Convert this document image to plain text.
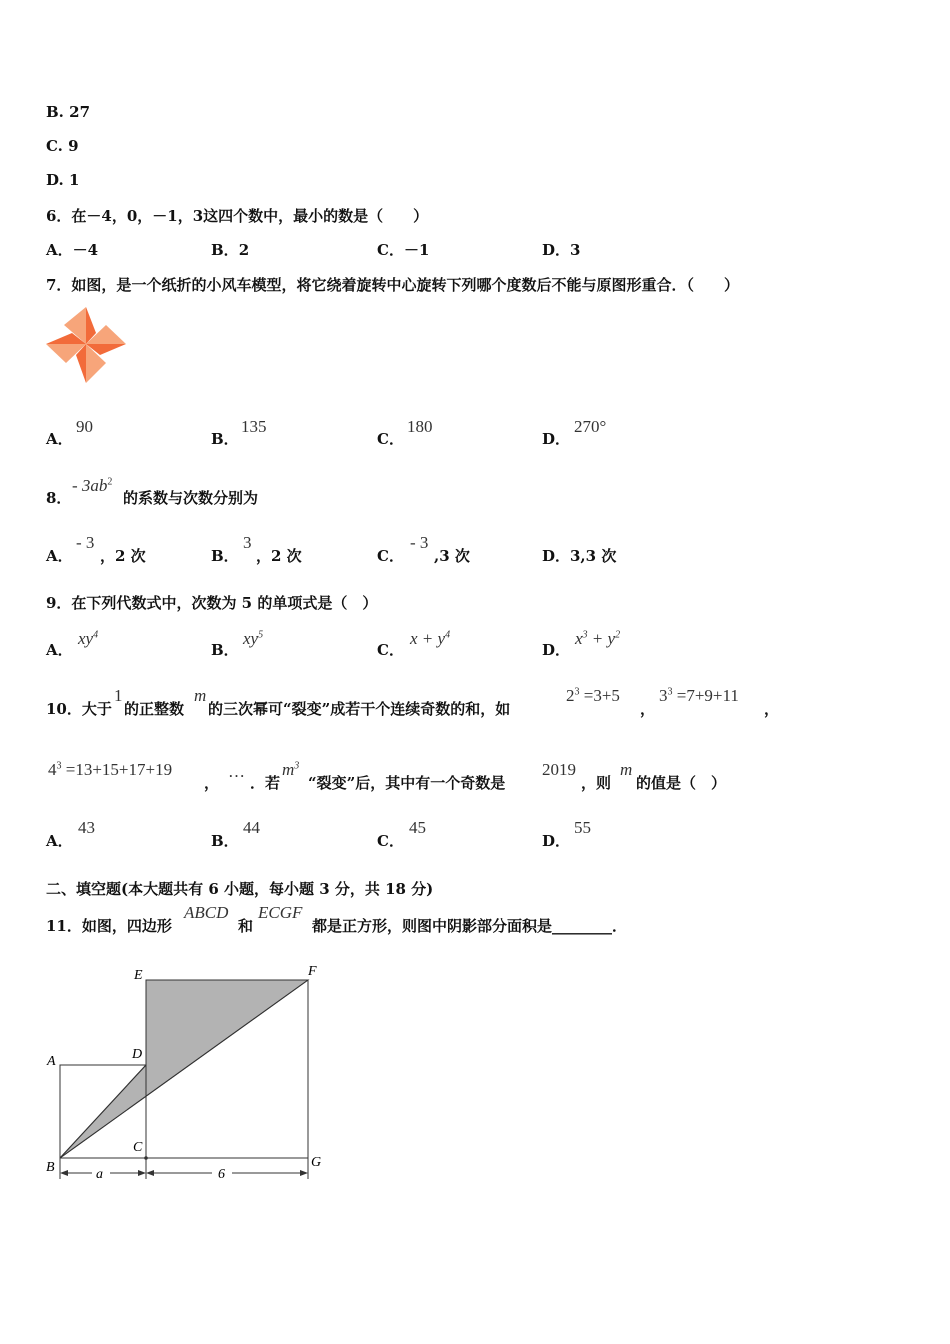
B. 27
C. 9
D. 1
6．在－4，0，－1，3这四个数中，最小的数是（　　）
A．－4	B．2	C．－1	D．3
7．如图，是一个纸折的小风车模型，将它绕着旋转中心旋转下列哪个度数后不能与原图形重合．（　　）
A．
90
B．
135
C．
180
D．
270°
8．
- $3ab^2$
的系数与次数分别为
A．
- 3
，2 次	B．
3
，2 次	C．
- 3
,3 次	D． 3,3 次
9．在下列代数式中，次数为 5 的单项式是（　）
A．
$xy^4$
B．
$xy^5$
C．
$x + y^4$
D．
$x^3 + y^2$
10．大于
1
的正整数
m
的三次幂可“裂变”成若干个连续奇数的和，如
$2^3 =3+5$
，
$3^3 =7+9+11$
，
$4^3 =13+15+17+19$
，
…
．若
$m^3$
“裂变”后，其中有一个奇数是
2019
，则
m
的值是（　）
A．
43
B．
44
C．
45
D．
55
二、填空题(本大题共有 6 小题，每小题 3 分，共 18 分)
11．如图，四边形
ABCD
和
ECGF
都是正方形，则图中阴影部分面积是________．
E	F
A	D
C
B	G
a	6
